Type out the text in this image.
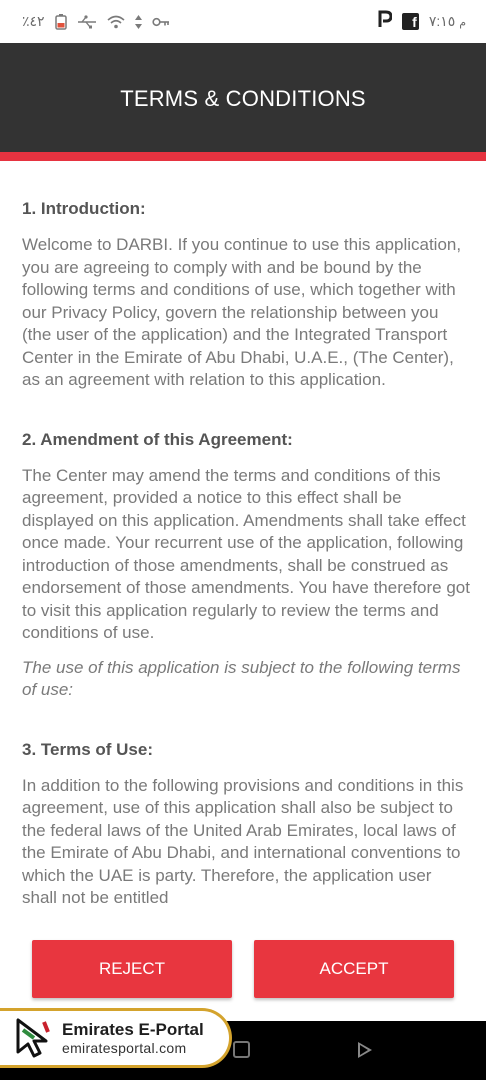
٪٤٢	f	م ٧:١٥
TERMS & CONDITIONS
1. Introduction:

Welcome to DARBI. If you continue to use this application, you are agreeing to comply with and be bound by the following terms and conditions of use, which together with our Privacy Policy, govern the relationship between you (the user of the application) and the Integrated Transport Center in the Emirate of Abu Dhabi, U.A.E., (The Center), as an agreement with relation to this application.

2. Amendment of this Agreement:

The Center may amend the terms and conditions of this agreement, provided a notice to this effect shall be displayed on this application. Amendments shall take effect once made. Your recurrent use of the application, following introduction of those amendments, shall be construed as endorsement of those amendments. You have therefore got to visit this application regularly to review the terms and conditions of use.

The use of this application is subject to the following terms of use:

3. Terms of Use:

In addition to the following provisions and conditions in this agreement, use of this application shall also be subject to the federal laws of the United Arab Emirates, local laws of the Emirate of Abu Dhabi, and international conventions to which the UAE is party. Therefore, the application user shall not be entitled

REJECT	ACCEPT
Emirates E-Portal
emiratesportal.com
